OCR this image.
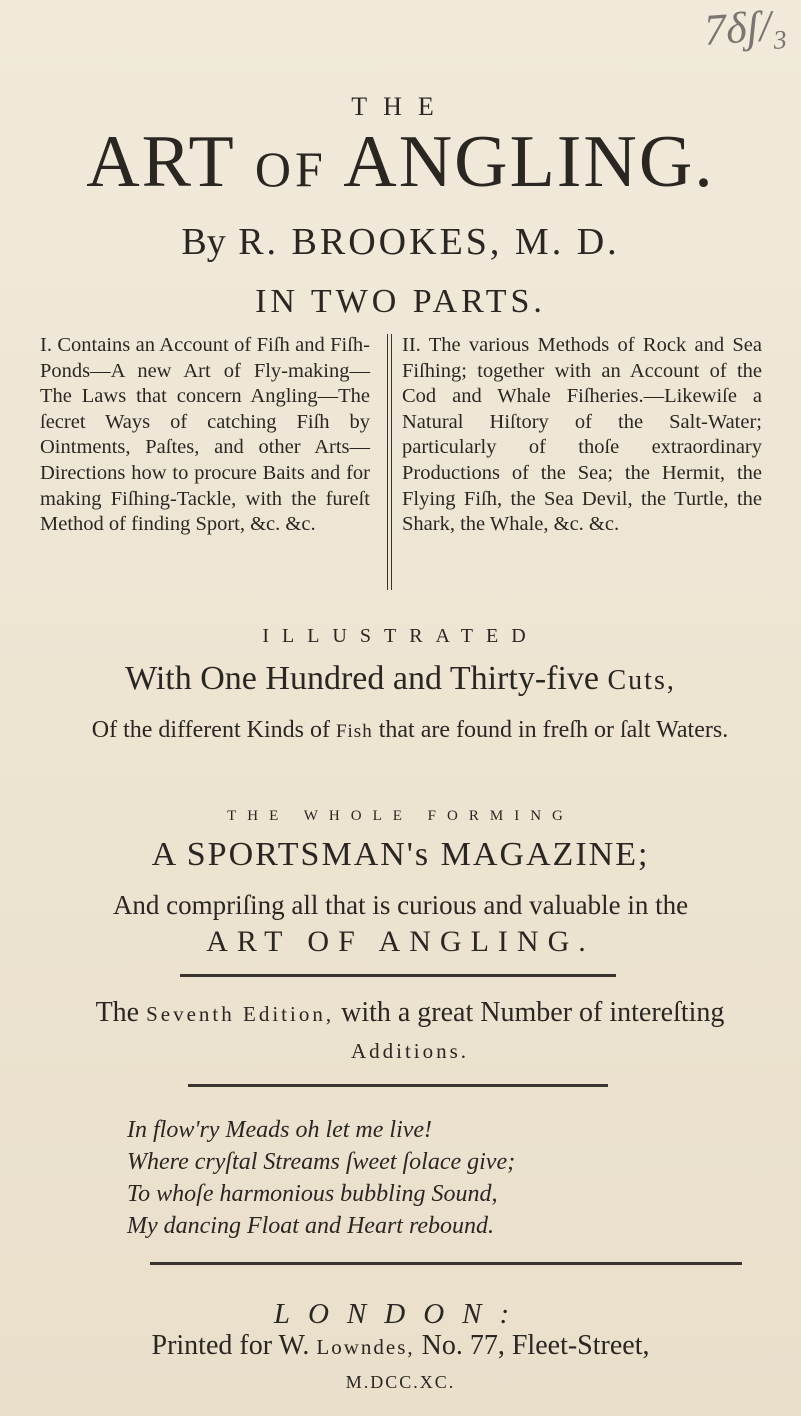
7δʃ/₃
THE
ART OF ANGLING.
By R. BROOKES, M. D.
IN TWO PARTS.
I. Contains an Account of Fiſh and Fiſh-Ponds—A new Art of Fly-making—The Laws that concern Angling—The ſecret Ways of catching Fiſh by Ointments, Paſtes, and other Arts—Directions how to procure Baits and for making Fiſhing-Tackle, with the fureſt Method of finding Sport, &c. &c.
II. The various Methods of Rock and Sea Fiſhing; together with an Account of the Cod and Whale Fiſheries.—Likewiſe a Natural Hiſtory of the Salt-Water; particularly of thoſe extraordinary Productions of the Sea; the Hermit, the Flying Fiſh, the Sea Devil, the Turtle, the Shark, the Whale, &c. &c.
ILLUSTRATED
With One Hundred and Thirty-five Cuts,
Of the different Kinds of Fish that are found in freſh or ſalt Waters.
THE WHOLE FORMING
A SPORTSMAN's MAGAZINE;
And compriſing all that is curious and valuable in the
ART OF ANGLING.
The Seventh Edition, with a great Number of intereſting Additions.
In flow'ry Meads oh let me live!
Where cryſtal Streams ſweet ſolace give;
To whoſe harmonious bubbling Sound,
My dancing Float and Heart rebound.
LONDON:
Printed for W. Lowndes, No. 77, Fleet-Street,
M.DCC.XC.
